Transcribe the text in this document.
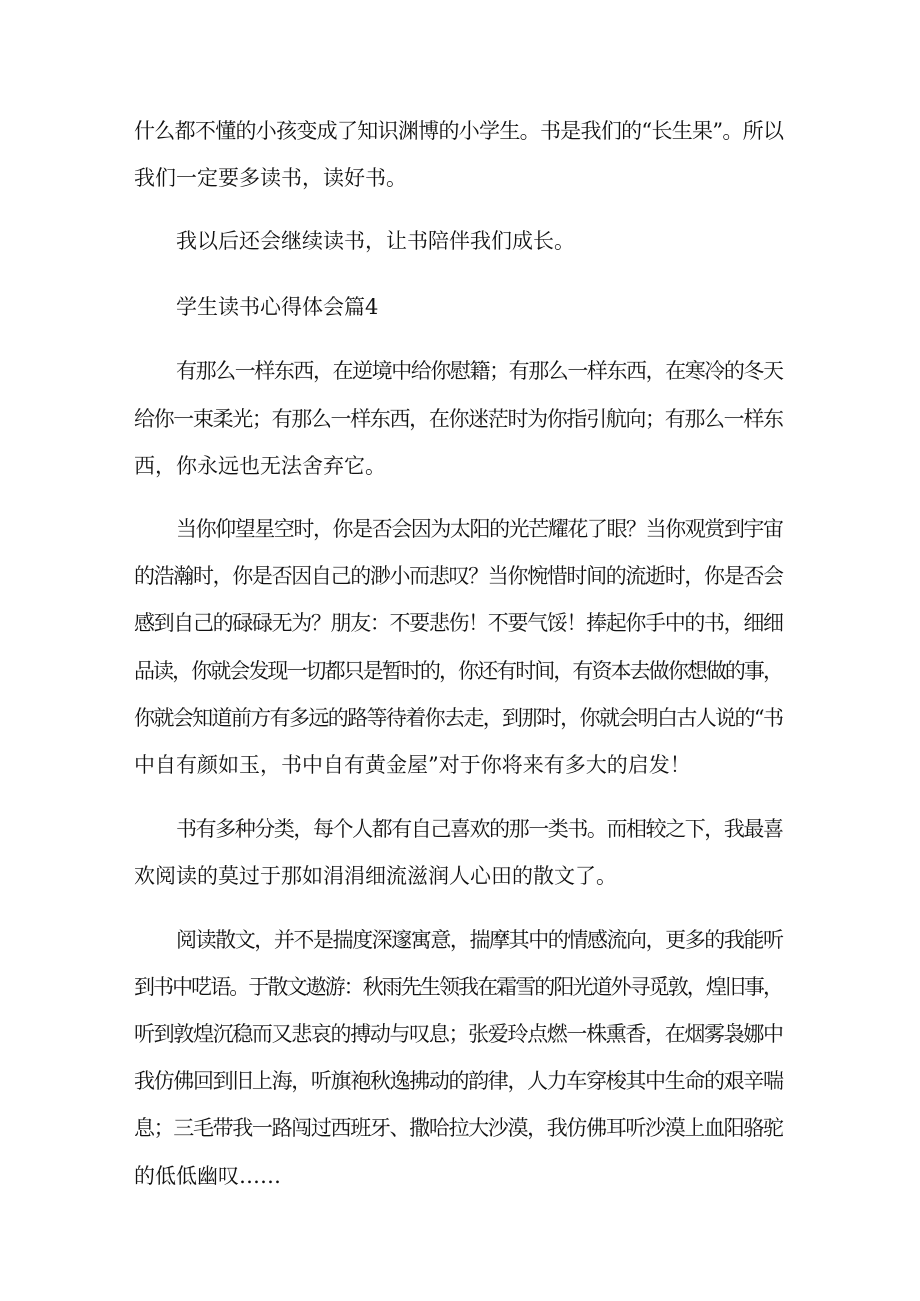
什么都不懂的小孩变成了知识渊博的小学生。书是我们的“长生果”。所以
我们一定要多读书，读好书。
我以后还会继续读书，让书陪伴我们成长。
学生读书心得体会篇4
有那么一样东西，在逆境中给你慰籍；有那么一样东西，在寒冷的冬天
给你一束柔光；有那么一样东西，在你迷茫时为你指引航向；有那么一样东
西，你永远也无法舍弃它。
当你仰望星空时，你是否会因为太阳的光芒耀花了眼？当你观赏到宇宙
的浩瀚时，你是否因自己的渺小而悲叹？当你惋惜时间的流逝时，你是否会
感到自己的碌碌无为？朋友：不要悲伤！不要气馁！捧起你手中的书，细细
品读，你就会发现一切都只是暂时的，你还有时间，有资本去做你想做的事，
你就会知道前方有多远的路等待着你去走，到那时，你就会明白古人说的“书
中自有颜如玉，书中自有黄金屋”对于你将来有多大的启发！
书有多种分类，每个人都有自己喜欢的那一类书。而相较之下，我最喜
欢阅读的莫过于那如涓涓细流滋润人心田的散文了。
阅读散文，并不是揣度深邃寓意，揣摩其中的情感流向，更多的我能听
到书中呓语。于散文遨游：秋雨先生领我在霜雪的阳光道外寻觅敦，煌旧事，
听到敦煌沉稳而又悲哀的搏动与叹息；张爱玲点燃一株熏香，在烟雾袅娜中
我仿佛回到旧上海，听旗袍秋逸拂动的韵律，人力车穿梭其中生命的艰辛喘
息；三毛带我一路闯过西班牙、撒哈拉大沙漠，我仿佛耳听沙漠上血阳骆驼
的低低幽叹……
